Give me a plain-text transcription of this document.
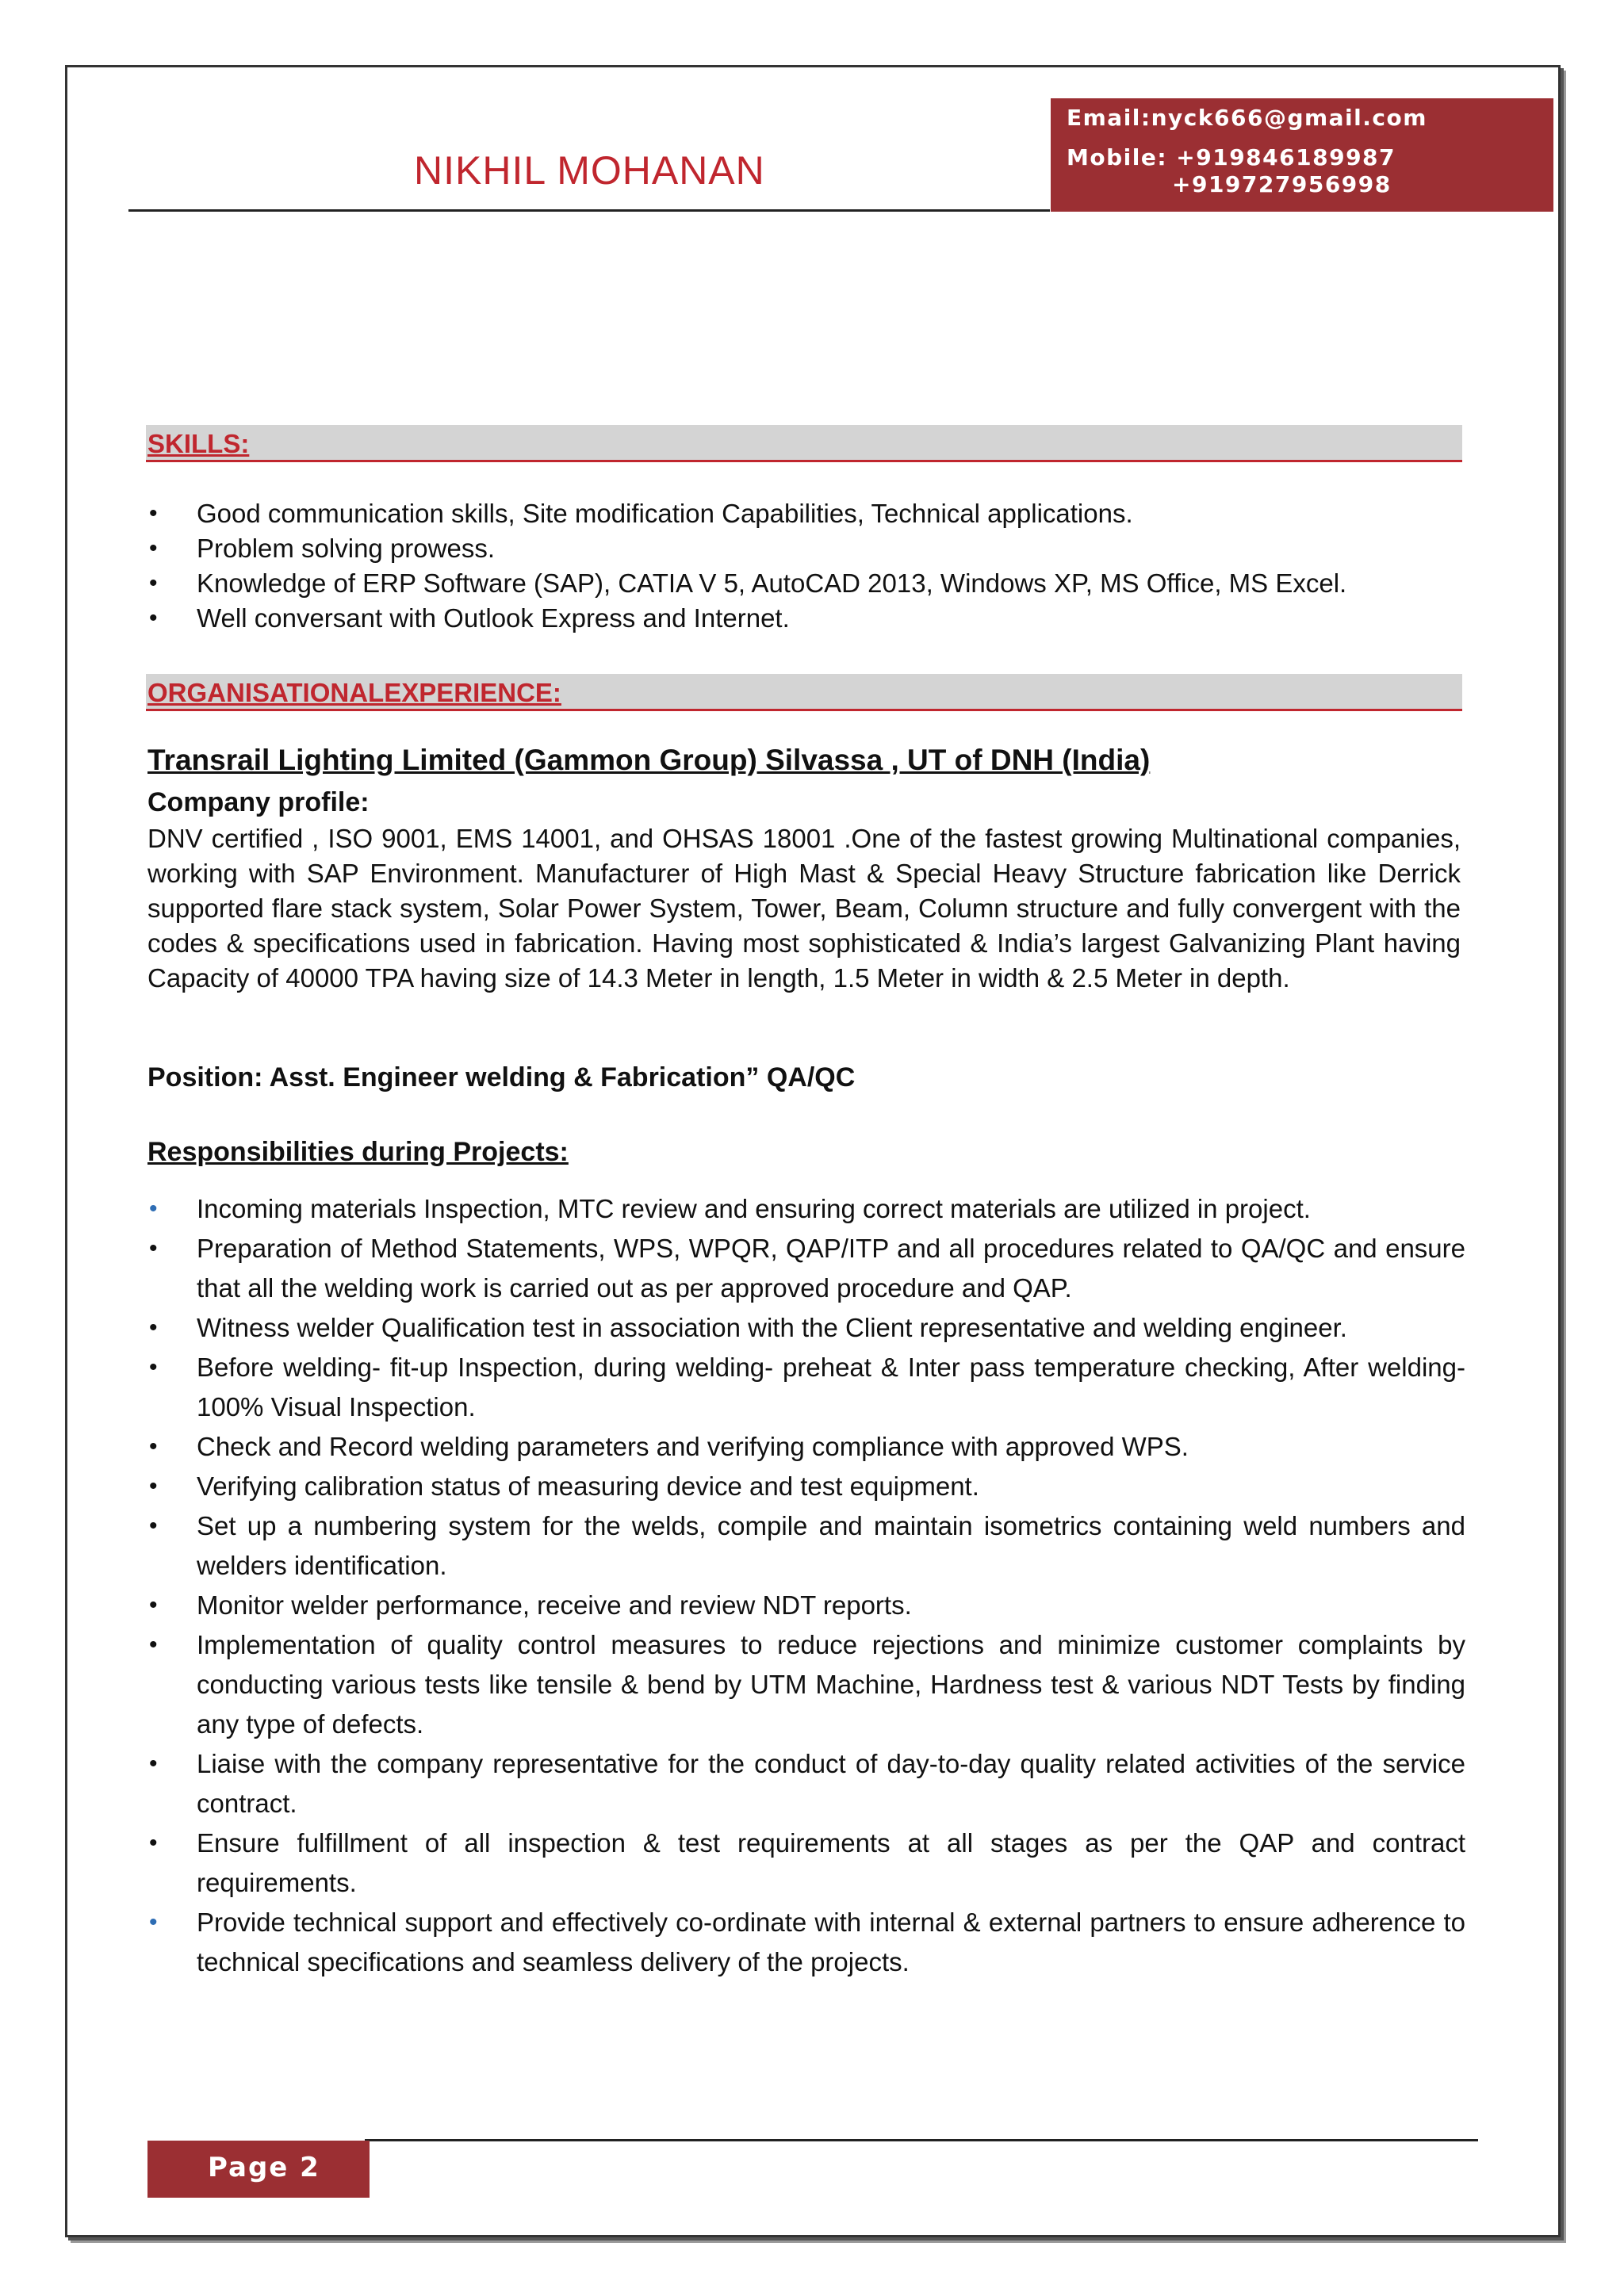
NIKHIL MOHANAN
Email:nyck666@gmail.com
Mobile: +919846189987
+919727956998
SKILLS:
• Good communication skills, Site modification Capabilities, Technical applications.
• Problem solving prowess.
• Knowledge of ERP Software (SAP), CATIA V 5, AutoCAD 2013, Windows XP, MS Office, MS Excel.
• Well conversant with Outlook Express and Internet.
ORGANISATIONALEXPERIENCE:
Transrail Lighting Limited (Gammon Group) Silvassa , UT of DNH (India)
Company profile:
DNV certified , ISO 9001, EMS 14001, and OHSAS 18001 .One of the fastest growing Multinational companies, working with SAP Environment. Manufacturer of High Mast & Special Heavy Structure fabrication like Derrick supported flare stack system, Solar Power System, Tower, Beam, Column structure and fully convergent with the codes & specifications used in fabrication. Having most sophisticated & India’s largest Galvanizing Plant having Capacity of 40000 TPA having size of 14.3 Meter in length, 1.5 Meter in width & 2.5 Meter in depth.
Position: Asst. Engineer welding & Fabrication” QA/QC
Responsibilities during Projects:
• Incoming materials Inspection, MTC review and ensuring correct materials are utilized in project.
• Preparation of Method Statements, WPS, WPQR, QAP/ITP and all procedures related to QA/QC and ensure that all the welding work is carried out as per approved procedure and QAP.
• Witness welder Qualification test in association with the Client representative and welding engineer.
• Before welding- fit-up Inspection, during welding- preheat & Inter pass temperature checking, After welding- 100% Visual Inspection.
• Check and Record welding parameters and verifying compliance with approved WPS.
• Verifying calibration status of measuring device and test equipment.
• Set up a numbering system for the welds, compile and maintain isometrics containing weld numbers and welders identification.
• Monitor welder performance, receive and review NDT reports.
• Implementation of quality control measures to reduce rejections and minimize customer complaints by conducting various tests like tensile & bend by UTM Machine, Hardness test & various NDT Tests by finding any type of defects.
• Liaise with the company representative for the conduct of day-to-day quality related activities of the service contract.
• Ensure fulfillment of all inspection & test requirements at all stages as per the QAP and contract requirements.
• Provide technical support and effectively co-ordinate with internal & external partners to ensure adherence to technical specifications and seamless delivery of the projects.
Page 2
